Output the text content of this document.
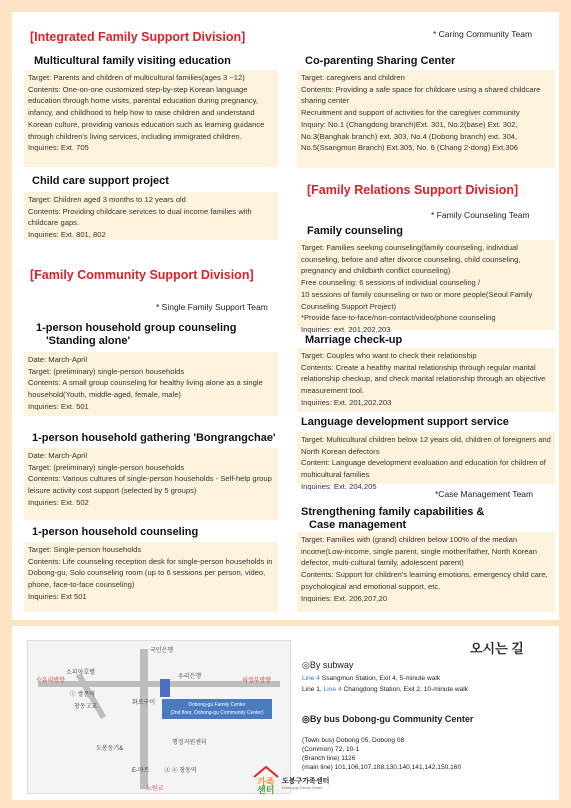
[Integrated Family Support Division]
Multicultural family visiting education
Target: Parents and children of multicultural families(ages 3 ~12)
Contents: One-on-one customized step-by-step Korean language education through home visits, parental education during pregnancy, infancy, and childhood to help how to raise children and understand Korean culture, providing various education such as learning guidance through children's living services, including immigrated children.
Inquiries: Ext. 705
Child care support project
Target: Children aged 3 months to 12 years old
Contents: Providing childcare services to dual income families with childcare gaps.
Inquiries: Ext. 801, 802
[Family Community Support Division]
* Single Family Support Team
1-person household group counseling
'Standing alone'
Date: March-April
Target: (preliminary) single-person households
Contents: A small group counseling for healthy living alone as a single household(Youth, middle-aged, female, male)
Inquiries: Ext. 501
1-person household gathering 'Bongrangchae'
Date: March-April
Target: (preliminary) single-person households
Contents: Various cultures of single-person households - Self-help group leisure activity cost support (selected by 5 groups)
Inquiries: Ext. 502
1-person household counseling
Target: Single-person households
Contents: Life counseling reception desk for single-person households in Dobong-gu, Solo counseling room (up to 6 sessions per person, video, phone, face-to-face counseling)
Inquiries: Ext 501
* Caring Community Team
Co-parenting Sharing Center
Target: caregivers and children
Contents: Providing a safe space for childcare using a shared childcare sharing center
Recruitment and support of activities for the caregiver community
Inquiry: No.1 (Changdong branch)Ext. 301, No.2(base) Ext. 302, No.3(Banghak branch) ext. 303, No.4 (Dobong branch) ext. 304, No.5(Ssangmun Branch) Ext.305, No. 6 (Chang 2-dong) Ext.306
[Family Relations Support Division]
* Family Counseling Team
Family counseling
Target: Families seeking counseling(family counseling, individual counseling, before and after divorce counseling, child counseling, pregnancy and childbirth conflict counseling)
Free counseling: 6 sessions of individual counseling /
10 sessions of family counseling or two or more people(Seoul Family Counseling Support Project)
*Provide face-to-face/non-contact/video/phone counseling
Inquiries: ext. 201,202,203
Marriage check-up
Target: Couples who want to check their relationship
Contents: Create a healthy marital relationship through regular marital relationship checkup, and check marital relationship through an objective measurement tool.
Inquiries: Ext. 201,202,203
Language development support service
Target: Multicultural children below 12 years old, children of foreigners and North Korean defectors
Content: Language development evaluation and education for children of multicultural families
Inquiries: Ext. 204,205
*Case Management Team
Strengthening family capabilities &
Case management
Target: Families with (grand) children below 100% of the median income(Low-income, single parent, single mother/father, North Korean defector, multi-cultural family, adolescent parent)
Contents: Support for children's learning emotions, emergency child care, psychological and emotional support, etc.
Inquiries: Ext. 206,207,20
국민은행
소피아호텔
수유리방향
우리은행
의정부방향
① 쌍문역
화로구이
창동고교
도봉동기&
행정지원센터
E-마트 ③ ④ 창동역
노원교
Dobong-gu Family Center
(2nd floor, Dobong-gu Community Center)
오시는 길
◎By subway
Line 4 Ssangmun Station, Exit 4, 5-minute walk
Line 1, Line 4 Changdong Station, Exit 2, 10-minute walk
◎By bus Dobong-gu Community Center
(Town bus) Dobong 05, Dobong 08
(Common) 72, 10-1
(Branch line) 1126
(main line) 101,106,107,108,130,140,141,142,150,160
가족
센터
도봉구가족센터
Dobong-gu Family Center
